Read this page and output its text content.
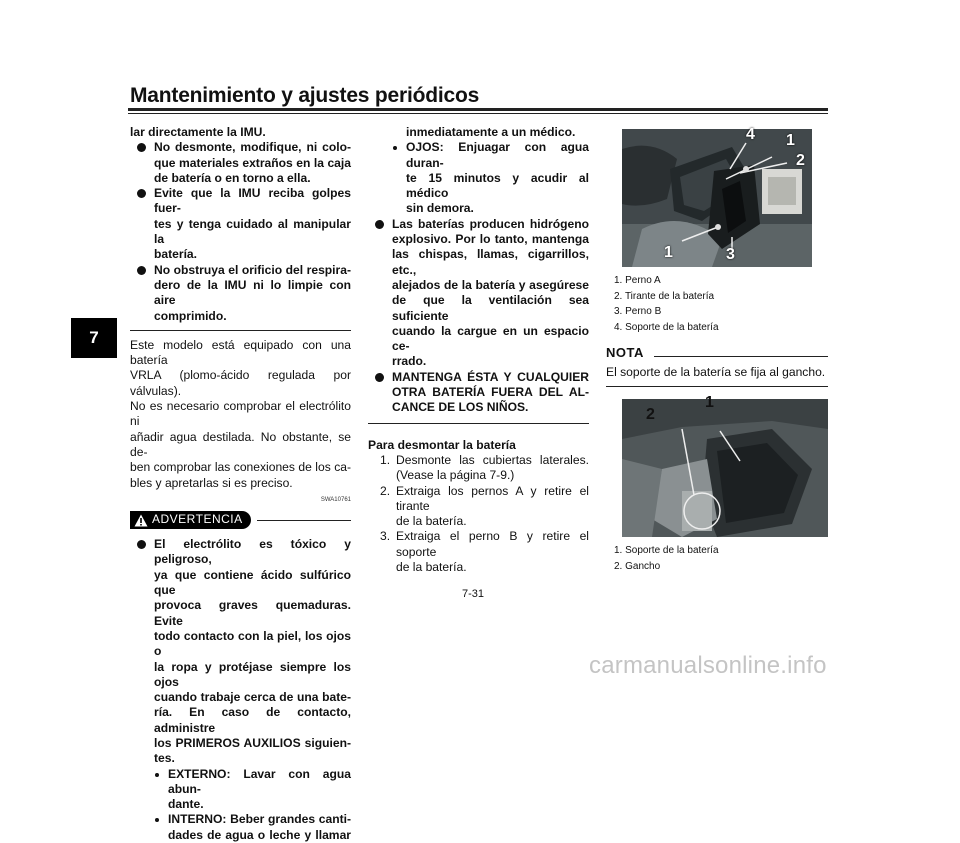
Mantenimiento y ajustes periódicos
7
lar directamente la IMU.
No desmonte, modifique, ni colo-
que materiales extraños en la caja
de batería o en torno a ella.
Evite que la IMU reciba golpes fuer-
tes y tenga cuidado al manipular la
batería.
No obstruya el orificio del respira-
dero de la IMU ni lo limpie con aire
comprimido.
Este modelo está equipado con una batería
VRLA (plomo-ácido regulada por válvulas).
No es necesario comprobar el electrólito ni
añadir agua destilada. No obstante, se de-
ben comprobar las conexiones de los ca-
bles y apretarlas si es preciso.
SWA10761
ADVERTENCIA
El electrólito es tóxico y peligroso,
ya que contiene ácido sulfúrico que
provoca graves quemaduras. Evite
todo contacto con la piel, los ojos o
la ropa y protéjase siempre los ojos
cuando trabaje cerca de una bate-
ría. En caso de contacto, administre
los PRIMEROS AUXILIOS siguien-
tes.
EXTERNO: Lavar con agua abun-
dante.
INTERNO: Beber grandes canti-
dades de agua o leche y llamar
inmediatamente a un médico.
OJOS: Enjuagar con agua duran-
te 15 minutos y acudir al médico
sin demora.
Las baterías producen hidrógeno
explosivo. Por lo tanto, mantenga
las chispas, llamas, cigarrillos, etc.,
alejados de la batería y asegúrese
de que la ventilación sea suficiente
cuando la cargue en un espacio ce-
rrado.
MANTENGA ÉSTA Y CUALQUIER
OTRA BATERÍA FUERA DEL AL-
CANCE DE LOS NIÑOS.
Para desmontar la batería
1. Desmonte las cubiertas laterales.
(Vease la página 7-9.)
2. Extraiga los pernos A y retire el tirante
de la batería.
3. Extraiga el perno B y retire el soporte
de la batería.
4 1
2
1	3
1. Perno A
2. Tirante de la batería
3. Perno B
4. Soporte de la batería
NOTA
El soporte de la batería se fija al gancho.
2
1
1. Soporte de la batería
2. Gancho
7-31
carmanualsonline.info
